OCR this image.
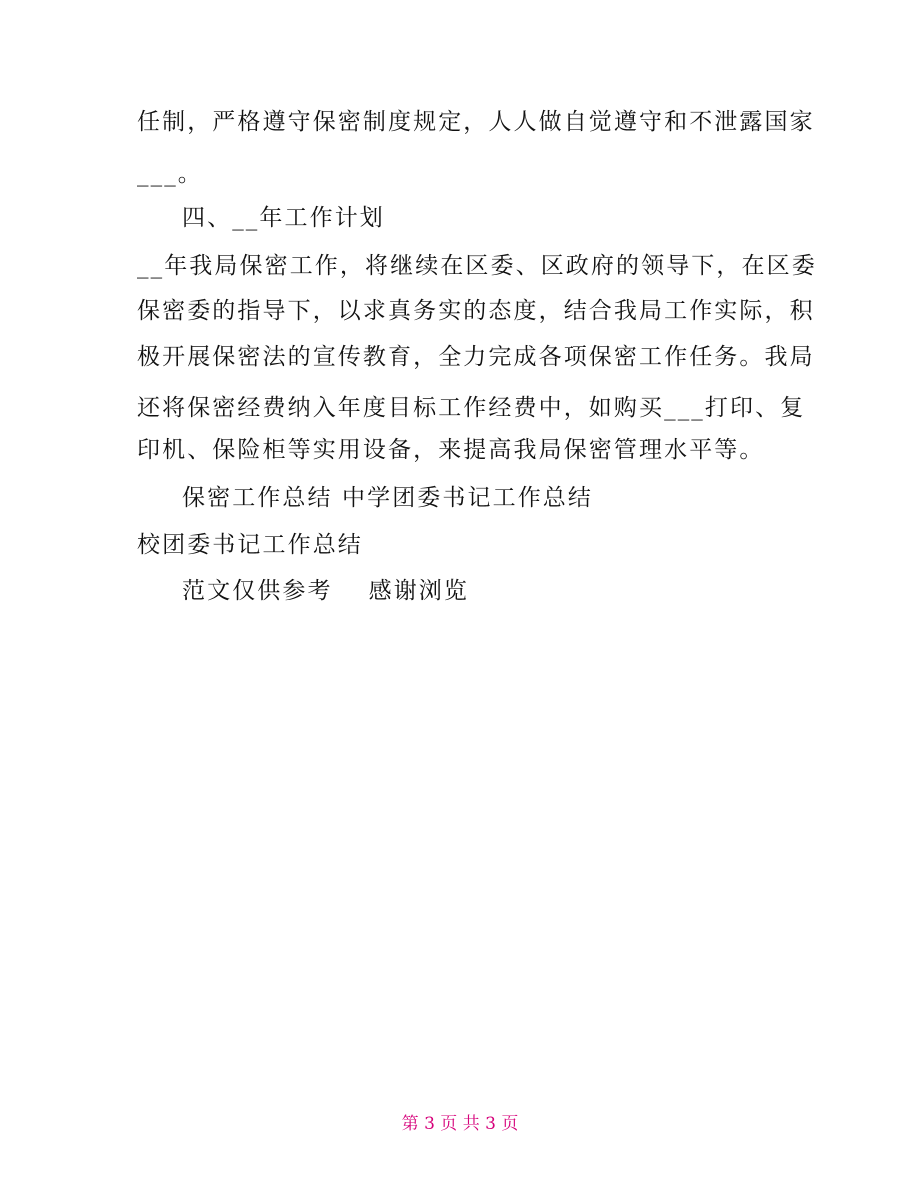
任制，严格遵守保密制度规定，人人做自觉遵守和不泄露国家
___。
四、__年工作计划
__年我局保密工作，将继续在区委、区政府的领导下，在区委
保密委的指导下，以求真务实的态度，结合我局工作实际，积
极开展保密法的宣传教育，全力完成各项保密工作任务。我局
还将保密经费纳入年度目标工作经费中，如购买___打印、复
印机、保险柜等实用设备，来提高我局保密管理水平等。
保密工作总结 中学团委书记工作总结
校团委书记工作总结
范文仅供参考 感谢浏览
第 3 页 共 3 页
